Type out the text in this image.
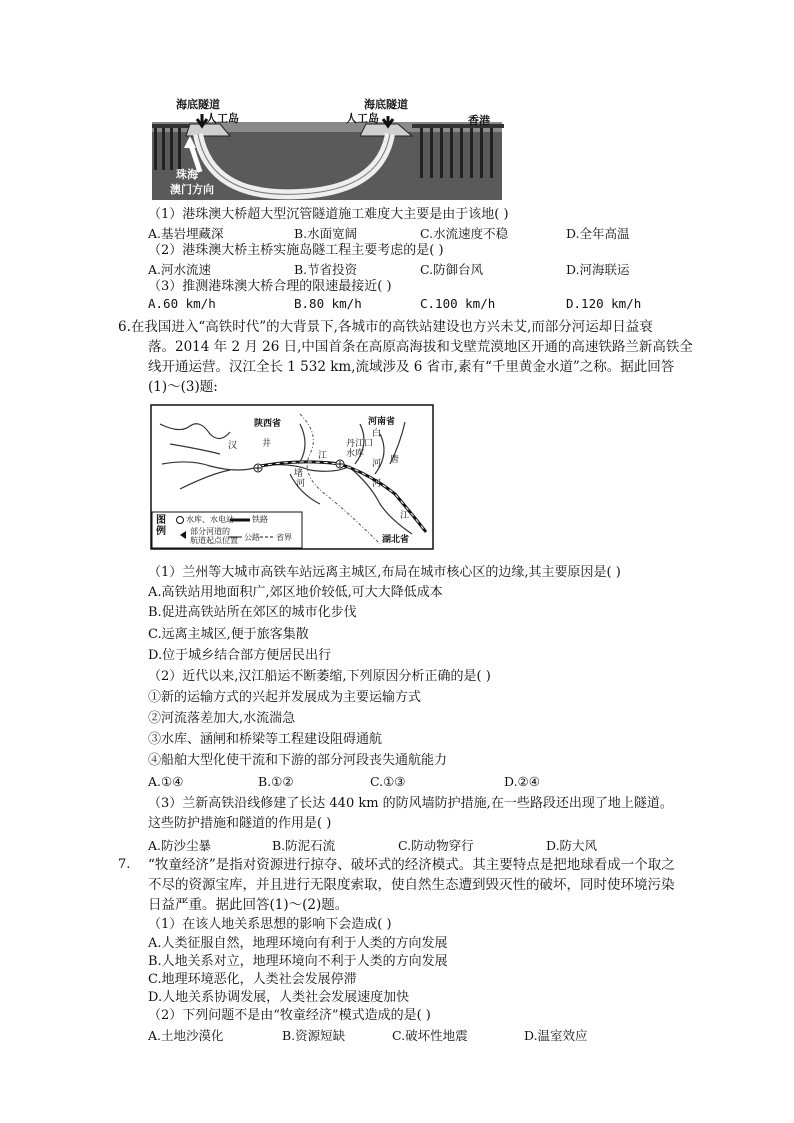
海底隧道
人工岛
海底隧道
人工岛	香港
珠海
澳门方向
（1）港珠澳大桥超大型沉管隧道施工难度大主要是由于该地( )
A.基岩埋藏深	B.水面宽阔	C.水流速度不稳	D.全年高温
（2）港珠澳大桥主桥实施岛隧工程主要考虑的是( )
A.河水流速	B.节省投资	C.防御台风	D.河海联运
（3）推测港珠澳大桥合理的限速最接近( )
A.60 km/h	B.80 km/h	C.100 km/h	D.120 km/h
6.在我国进入“高铁时代”的大背景下,各城市的高铁站建设也方兴未艾,而部分河运却日益衰
落。2014 年 2 月 26 日,中国首条在高原高海拔和戈壁荒漠地区开通的高速铁路兰新高铁全
线开通运营。汉江全长 1 532 km,流域涉及 6 省市,素有“千里黄金水道”之称。据此回答
(1)～(3)题:
陕西省	河南省
湖北省
汉	井
江
丹江口
水库
白
河 唐
堵
河	河
江
图例
水库、水电站 铁路
部分河道的
航道起点位置 公路 省界
（1）兰州等大城市高铁车站远离主城区,布局在城市核心区的边缘,其主要原因是( )
A.高铁站用地面积广,郊区地价较低,可大大降低成本
B.促进高铁站所在郊区的城市化步伐
C.远离主城区,便于旅客集散
D.位于城乡结合部方便居民出行
（2）近代以来,汉江船运不断萎缩,下列原因分析正确的是( )
①新的运输方式的兴起并发展成为主要运输方式
②河流落差加大,水流湍急
③水库、涵闸和桥梁等工程建设阻碍通航
④船舶大型化使干流和下游的部分河段丧失通航能力
A.①④	B.①②	C.①③	D.②④
（3）兰新高铁沿线修建了长达 440 km 的防风墙防护措施,在一些路段还出现了地上隧道。
这些防护措施和隧道的作用是( )
A.防沙尘暴	B.防泥石流	C.防动物穿行	D.防大风
7. “牧童经济”是指对资源进行掠夺、破坏式的经济模式。其主要特点是把地球看成一个取之
不尽的资源宝库，并且进行无限度索取，使自然生态遭到毁灭性的破坏，同时使环境污染
日益严重。据此回答(1)～(2)题。
（1）在该人地关系思想的影响下会造成( )
A.人类征服自然，地理环境向有利于人类的方向发展
B.人地关系对立，地理环境向不利于人类的方向发展
C.地理环境恶化，人类社会发展停滞
D.人地关系协调发展，人类社会发展速度加快
（2）下列问题不是由“牧童经济”模式造成的是( )
A.土地沙漠化	B.资源短缺	C.破坏性地震	D.温室效应
